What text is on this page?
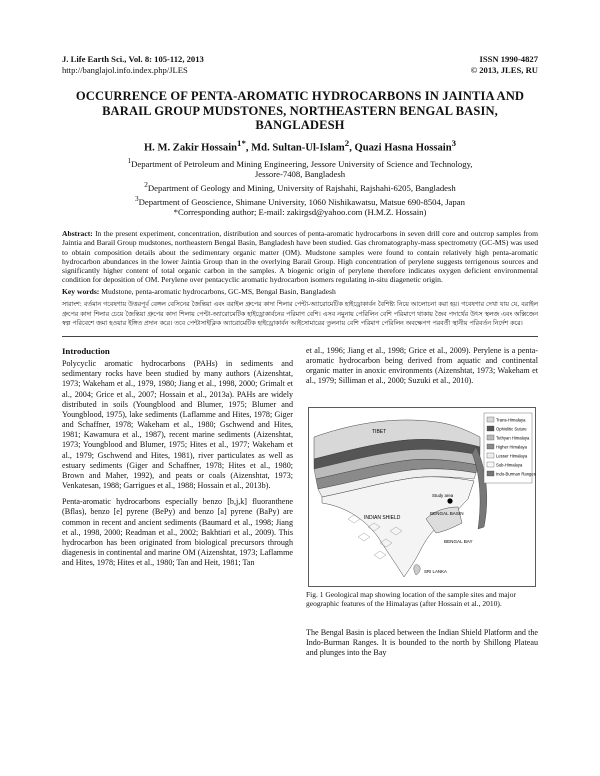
J. Life Earth Sci., Vol. 8: 105-112, 2013
http://banglajol.info.index.php/JLES
ISSN 1990-4827
© 2013, JLES, RU
OCCURRENCE OF PENTA-AROMATIC HYDROCARBONS IN JAINTIA AND BARAIL GROUP MUDSTONES, NORTHEASTERN BENGAL BASIN, BANGLADESH
H. M. Zakir Hossain$^{1*}$, Md. Sultan-Ul-Islam$^2$, Quazi Hasna Hossain$^3$
$^1$Department of Petroleum and Mining Engineering, Jessore University of Science and Technology,
Jessore-7408, Bangladesh
$^2$Department of Geology and Mining, University of Rajshahi, Rajshahi-6205, Bangladesh
$^3$Department of Geoscience, Shimane University, 1060 Nishikawatsu, Matsue 690-8504, Japan
*Corresponding author; E-mail: zakirgsd@yahoo.com (H.M.Z. Hossain)
Abstract: In the present experiment, concentration, distribution and sources of penta-aromatic hydrocarbons in seven drill core and outcrop samples from Jaintia and Barail Group mudstones, northeastern Bengal Basin, Bangladesh have been studied. Gas chromatography-mass spectrometry (GC-MS) was used to obtain composition details about the sedimentary organic matter (OM). Mudstone samples were found to contain relatively high penta-aromatic hydrocarbon abundances in the lower Jaintia Group than in the overlying Barail Group. High concentration of perylene suggests terrigenous sources and significantly higher content of total organic carbon in the samples. A biogenic origin of perylene therefore indicates oxygen deficient environmental condition for deposition of OM. Perylene over pentacyclic aromatic hydrocarbon isomers regulating in-situ diagenetic origin.
Key words: Mudstone, penta-aromatic hydrocarbons, GC-MS, Bengal Basin, Bangladesh
সারাংশ: বর্তমান গবেষণায় উত্তরপূর্ব বেঙ্গল বেসিনের জৈন্তিয়া এবং বরাইল গ্রুপের কাদা শিলার পেন্টা-অ্যারোমেটিক হাইড্রোকার্বন বৈশিষ্ট্য নিয়ে আলোচনা করা হয়। গবেষণার দেখা যায় যে, বরাইল গ্রুপের কাদা শিলার চেয়ে জৈন্তিয়া গ্রুপের কাদা শিলায় পেন্টা-অ্যারোমেটিক হাইড্রোকার্বনের পরিমাণ বেশি। এসব নমুনায় পেরিলিন বেশি পরিমাণে থাকায় জৈব পদার্থের উৎস স্থলজ এবং অক্সিজেন স্বল্প পরিবেশে জমা হওয়ার ইঙ্গিত প্রদান করে। তবে পেন্টাসাইক্লিক অ্যারোমেটিক হাইড্রোকার্বন আইসোমারের তুলনায় বেশি পরিমাণ পেরিলিন অবক্ষেপণ পরবর্তী স্থানীয় পরিবর্তন নির্দেশ করে।
Introduction

Polycyclic aromatic hydrocarbons (PAHs) in sediments and sedimentary rocks have been studied by many authors (Aizenshtat, 1973; Wakeham et al., 1979, 1980; Jiang et al., 1998, 2000; Grimalt et al., 2004; Grice et al., 2007; Hossain et al., 2013a). PAHs are widely distributed in soils (Youngblood and Blumer, 1975; Blumer and Youngblood, 1975), lake sediments (Laflamme and Hites, 1978; Giger and Schaffner, 1978; Wakeham et al., 1980; Gschwend and Hites, 1981; Kawamura et al., 1987), recent marine sediments (Aizenshtat, 1973; Youngblood and Blumer, 1975; Hites et al., 1977; Wakeham et al., 1979; Gschwend and Hites, 1981), river particulates as well as estuary sediments (Giger and Schaffner, 1978; Hites et al., 1980; Brown and Maher, 1992), and peats or coals (Aizenshtat, 1973; Venkatesan, 1988; Garrigues et al., 1988; Hossain et al., 2013b).

Penta-aromatic hydrocarbons especially benzo [b,j,k] fluoranthene (Bflas), benzo [e] pyrene (BePy) and benzo [a] pyrene (BaPy) are common in recent and ancient sediments (Baumard et al., 1998; Jiang et al., 1998, 2000; Readman et al., 2002; Bakhtiari et al., 2009). This hydrocarbon has been originated from biological precursors through diagenesis in continental and marine OM (Aizenshtat, 1973; Laflamme and Hites, 1978; Hites et al., 1980; Tan and Heit, 1981; Tan

et al., 1996; Jiang et al., 1998; Grice et al., 2009). Perylene is a penta-aromatic hydrocarbon being derived from aquatic and continental organic matter in anoxic environments (Aizenshtat, 1973; Wakeham et al., 1979; Silliman et al., 2000; Suzuki et al., 2010).

TIBET
INDIAN SHIELD
BENGAL BASIN
BENGAL BAY
SRI LANKA
Study area
Trans-Himalaya
Ophiolitic Suture
Tethyan Himalaya
Higher Himalaya
Lesser Himalaya
Sub-Himalaya
Indo-Burman Ranges
Fig. 1 Geological map showing location of the sample sites and major geographic features of the Himalayas (after Hossain et al., 2010).

The Bengal Basin is placed between the Indian Shield Platform and the Indo-Burman Ranges. It is bounded to the north by Shillong Plateau and plunges into the Bay
